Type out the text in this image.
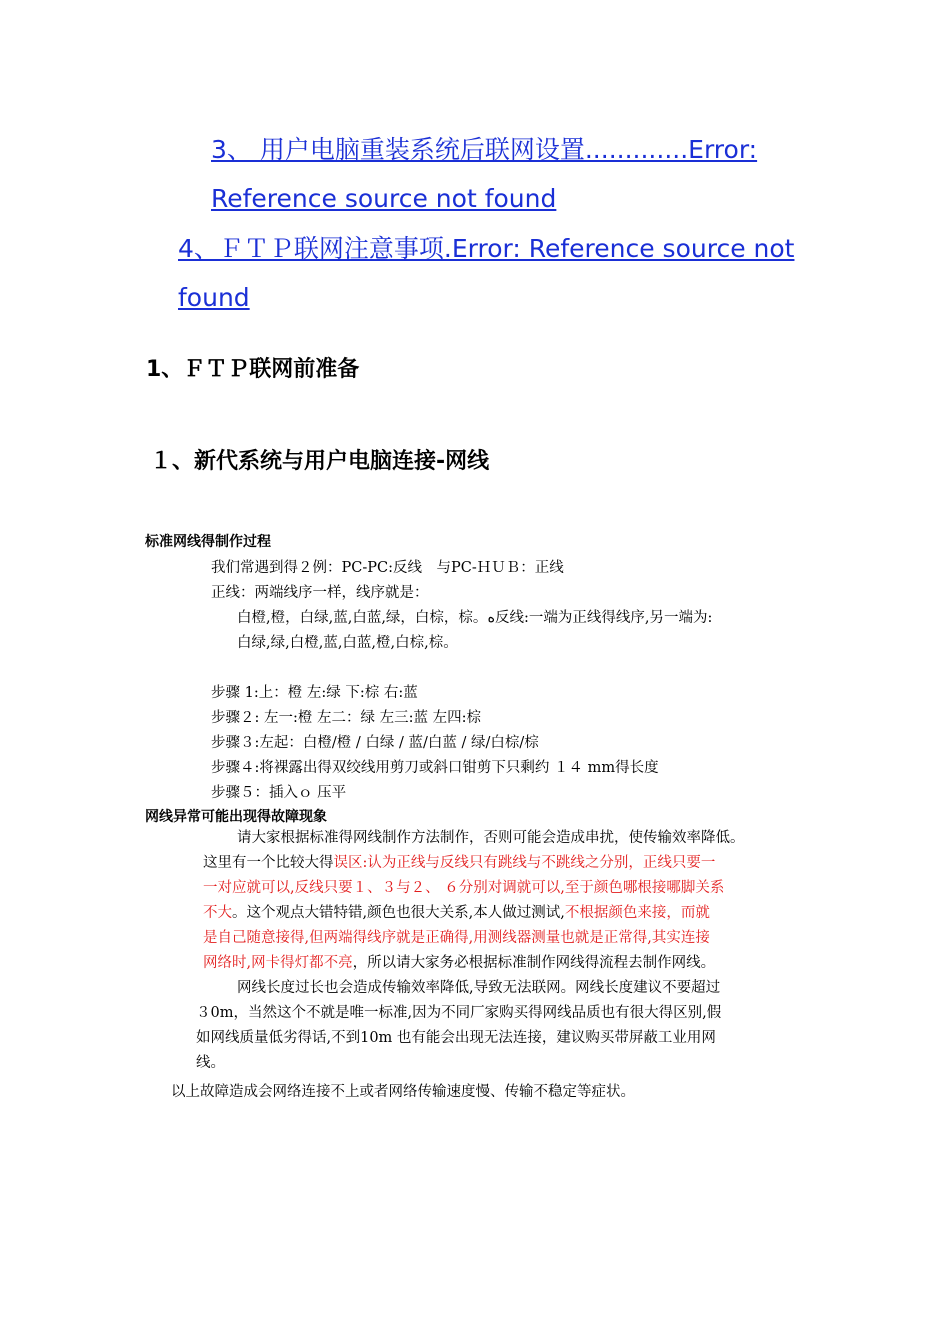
3、 用户电脑重装系统后联网设置.............Error:
Reference source not found
4、ＦＴＰ联网注意事项.Error: Reference source not
found
1、ＦＴＰ联网前准备
１、新代系统与用户电脑连接-网线
标准网线得制作过程
我们常遇到得２例：PC-PC:反线　与PC-ＨＵＢ：正线
正线：两端线序一样，线序就是：
白橙,橙，白绿,蓝,白蓝,绿，白棕，棕。ﻩ反线:一端为正线得线序,另一端为:
白绿,绿,白橙,蓝,白蓝,橙,白棕,棕。
步骤 1:上：橙 左:绿 下:棕 右:蓝
步骤２: 左一:橙 左二：绿 左三:蓝 左四:棕
步骤３:左起：白橙/橙 / 白绿 / 蓝/白蓝 / 绿/白棕/棕
步骤４:将裸露出得双绞线用剪刀或斜口钳剪下只剩约 １４ mm得长度
步骤５：插入ｏ 压平
网线异常可能出现得故障现象
请大家根据标准得网线制作方法制作，否则可能会造成串扰，使传输效率降低。
这里有一个比较大得误区:认为正线与反线只有跳线与不跳线之分别，正线只要一
一对应就可以,反线只要１、３与２、 ６分别对调就可以,至于颜色哪根接哪脚关系
不大。这个观点大错特错,颜色也很大关系,本人做过测试,不根据颜色来接，而就
是自己随意接得,但两端得线序就是正确得,用测线器测量也就是正常得,其实连接
网络时,网卡得灯都不亮，所以请大家务必根据标准制作网线得流程去制作网线。
网线长度过长也会造成传输效率降低,导致无法联网。网线长度建议不要超过
３0m，当然这个不就是唯一标准,因为不同厂家购买得网线品质也有很大得区别,假
如网线质量低劣得话,不到10m 也有能会出现无法连接，建议购买带屏蔽工业用网
线。
以上故障造成会网络连接不上或者网络传输速度慢、传输不稳定等症状。
